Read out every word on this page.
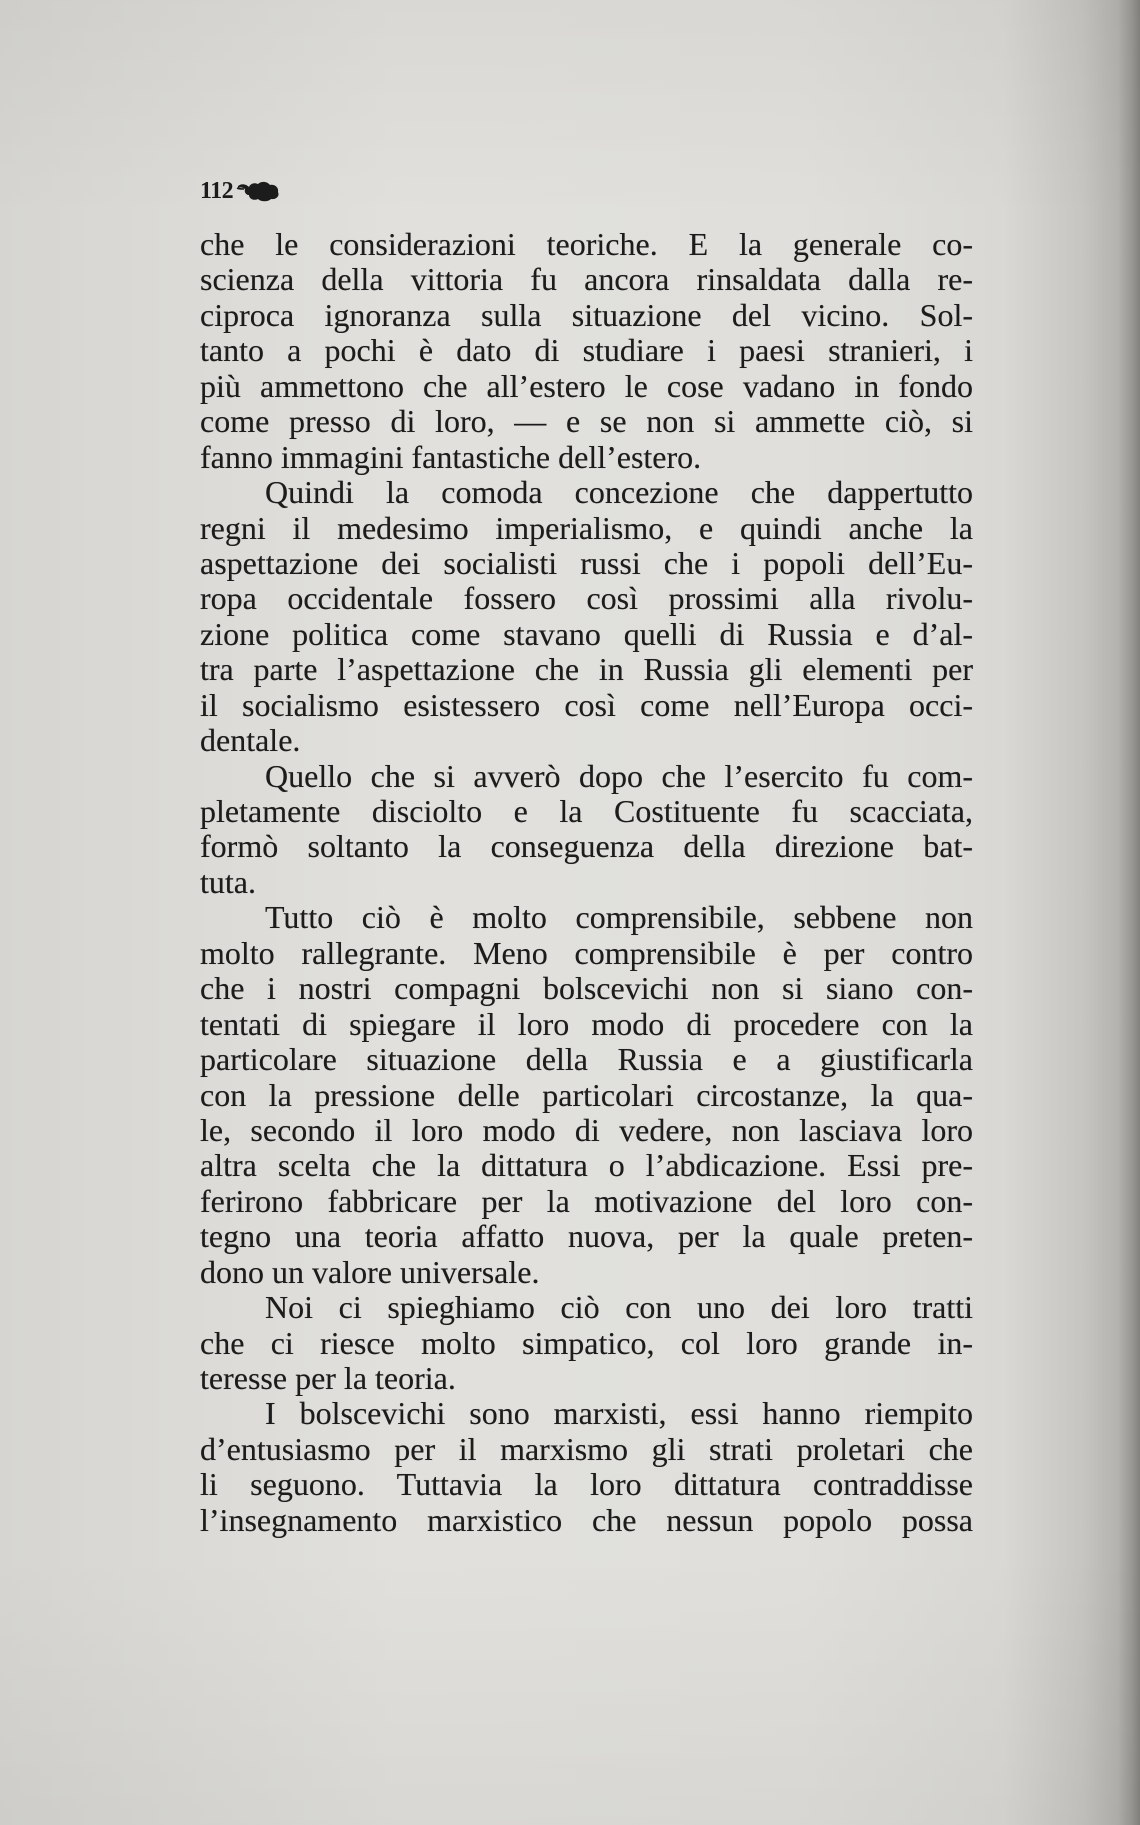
112
che le considerazioni teoriche. E la generale co-
scienza della vittoria fu ancora rinsaldata dalla re-
ciproca ignoranza sulla situazione del vicino. Sol-
tanto a pochi è dato di studiare i paesi stranieri, i
più ammettono che all’estero le cose vadano in fondo
come presso di loro, — e se non si ammette ciò, si
fanno immagini fantastiche dell’estero.
Quindi la comoda concezione che dappertutto
regni il medesimo imperialismo, e quindi anche la
aspettazione dei socialisti russi che i popoli dell’Eu-
ropa occidentale fossero così prossimi alla rivolu-
zione politica come stavano quelli di Russia e d’al-
tra parte l’aspettazione che in Russia gli elementi per
il socialismo esistessero così come nell’Europa occi-
dentale.
Quello che si avverò dopo che l’esercito fu com-
pletamente disciolto e la Costituente fu scacciata,
formò soltanto la conseguenza della direzione bat-
tuta.
Tutto ciò è molto comprensibile, sebbene non
molto rallegrante. Meno comprensibile è per contro
che i nostri compagni bolscevichi non si siano con-
tentati di spiegare il loro modo di procedere con la
particolare situazione della Russia e a giustificarla
con la pressione delle particolari circostanze, la qua-
le, secondo il loro modo di vedere, non lasciava loro
altra scelta che la dittatura o l’abdicazione. Essi pre-
ferirono fabbricare per la motivazione del loro con-
tegno una teoria affatto nuova, per la quale preten-
dono un valore universale.
Noi ci spieghiamo ciò con uno dei loro tratti
che ci riesce molto simpatico, col loro grande in-
teresse per la teoria.
I bolscevichi sono marxisti, essi hanno riempito
d’entusiasmo per il marxismo gli strati proletari che
li seguono. Tuttavia la loro dittatura contraddisse
l’insegnamento marxistico che nessun popolo possa
